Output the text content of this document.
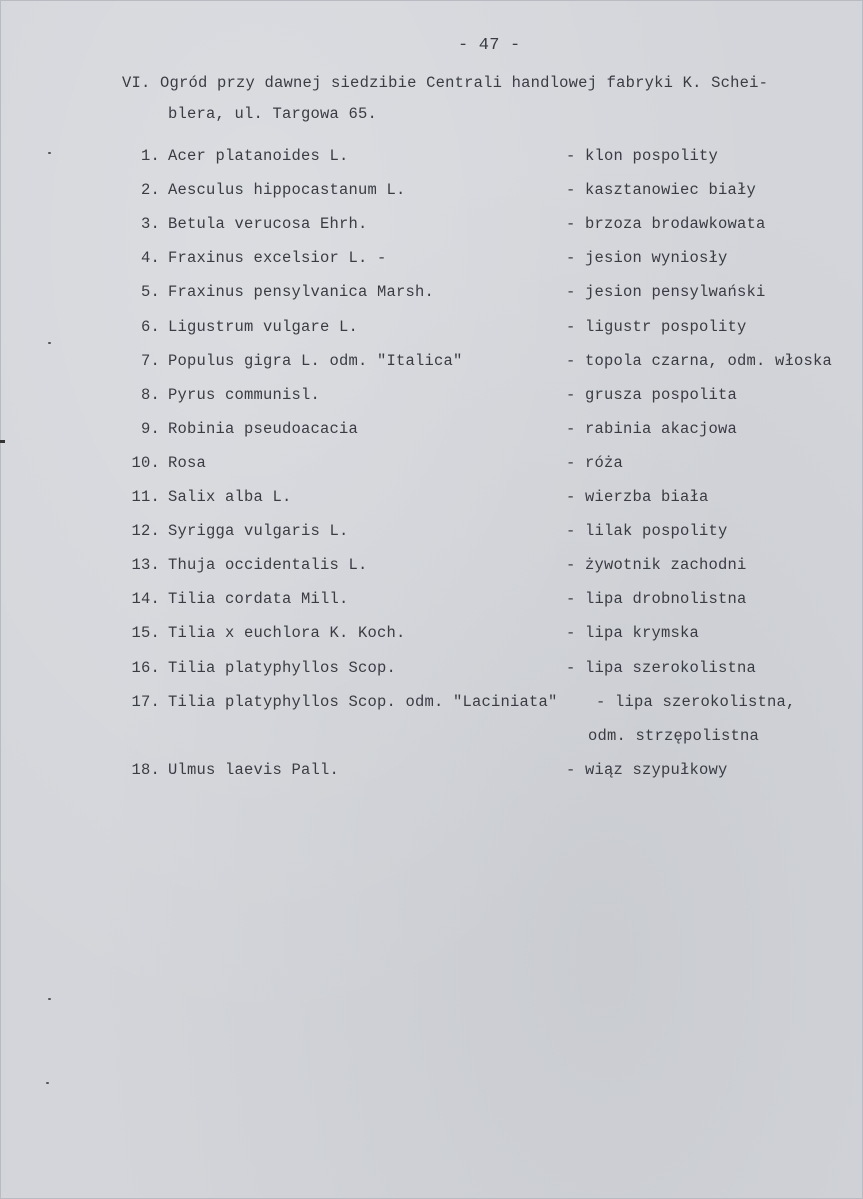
- 47 -
VI. Ogród przy dawnej siedzibie Centrali handlowej fabryki K. Schei-
blera, ul. Targowa 65.
1. Acer platanoides L.	- klon pospolity
2. Aesculus hippocastanum L.	- kasztanowiec biały
3. Betula verucosa Ehrh.	- brzoza brodawkowata
4. Fraxinus excelsior L. -	- jesion wyniosły
5. Fraxinus pensylvanica Marsh.	- jesion pensylwański
6. Ligustrum vulgare L.	- ligustr pospolity
7. Populus gigra L. odm. "Italica"	- topola czarna, odm. włoska
8. Pyrus communisl.	- grusza pospolita
9. Robinia pseudoacacia	- rabinia akacjowa
10. Rosa	- róża
11. Salix alba L.	- wierzba biała
12. Syrigga vulgaris L.	- lilak pospolity
13. Thuja occidentalis L.	- żywotnik zachodni
14. Tilia cordata Mill.	- lipa drobnolistna
15. Tilia x euchlora K. Koch.	- lipa krymska
16. Tilia platyphyllos Scop.	- lipa szerokolistna
17. Tilia platyphyllos Scop. odm. "Laciniata" - lipa szerokolistna,
odm. strzępolistna
18. Ulmus laevis Pall.	- wiąz szypułkowy
